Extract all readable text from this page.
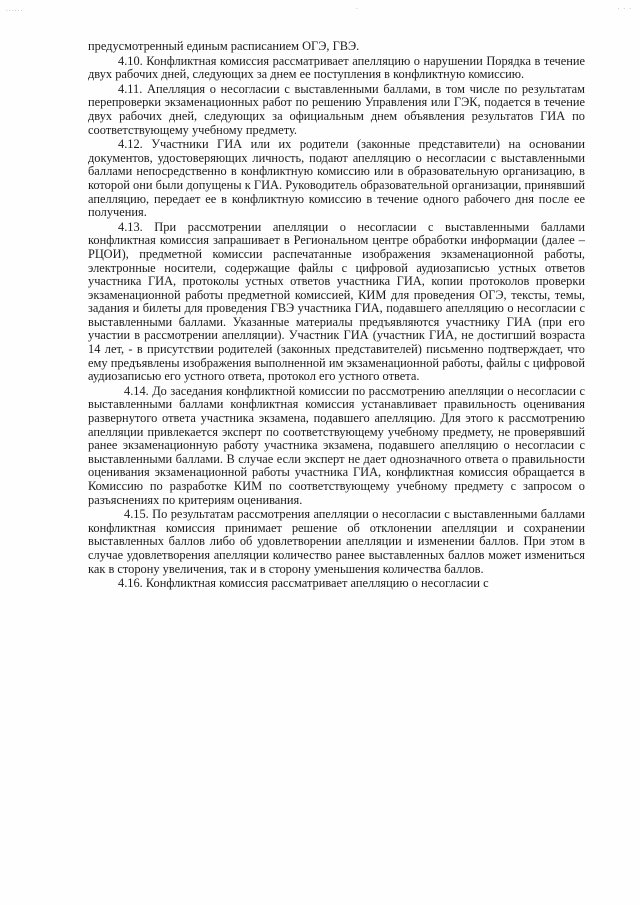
......	· · ·
·

предусмотренный единым расписанием ОГЭ, ГВЭ.

4.10. Конфликтная комиссия рассматривает апелляцию о нарушении Порядка в течение двух рабочих дней, следующих за днем ее поступления в конфликтную комиссию.

4.11. Апелляция о несогласии с выставленными баллами, в том числе по результатам перепроверки экзаменационных работ по решению Управления или ГЭК, подается в течение двух рабочих дней, следующих за официальным днем объявления результатов ГИА по соответствующему учебному предмету.

4.12. Участники ГИА или их родители (законные представители) на основании документов, удостоверяющих личность, подают апелляцию о несогласии с выставленными баллами непосредственно в конфликтную комиссию или в образовательную организацию, в которой они были допущены к ГИА. Руководитель образовательной организации, принявший апелляцию, передает ее в конфликтную комиссию в течение одного рабочего дня после ее получения.

4.13. При рассмотрении апелляции о несогласии с выставленными баллами конфликтная комиссия запрашивает в Региональном центре обработки информации (далее – РЦОИ), предметной комиссии распечатанные изображения экзаменационной работы, электронные носители, содержащие файлы с цифровой аудиозаписью устных ответов участника ГИА, протоколы устных ответов участника ГИА, копии протоколов проверки экзаменационной работы предметной комиссией, КИМ для проведения ОГЭ, тексты, темы, задания и билеты для проведения ГВЭ участника ГИА, подавшего апелляцию о несогласии с выставленными баллами. Указанные материалы предъявляются участнику ГИА (при его участии в рассмотрении апелляции). Участник ГИА (участник ГИА, не достигший возраста 14 лет, - в присутствии родителей (законных представителей) письменно подтверждает, что ему предъявлены изображения выполненной им экзаменационной работы, файлы с цифровой аудиозаписью его устного ответа, протокол его устного ответа.

4.14. До заседания конфликтной комиссии по рассмотрению апелляции о несогласии с выставленными баллами конфликтная комиссия устанавливает правильность оценивания развернутого ответа участника экзамена, подавшего апелляцию. Для этого к рассмотрению апелляции привлекается эксперт по соответствующему учебному предмету, не проверявший ранее экзаменационную работу участника экзамена, подавшего апелляцию о несогласии с выставленными баллами. В случае если эксперт не дает однозначного ответа о правильности оценивания экзаменационной работы участника ГИА, конфликтная комиссия обращается в Комиссию по разработке КИМ по соответствующему учебному предмету с запросом о разъяснениях по критериям оценивания.

4.15. По результатам рассмотрения апелляции о несогласии с выставленными баллами конфликтная комиссия принимает решение об отклонении апелляции и сохранении выставленных баллов либо об удовлетворении апелляции и изменении баллов. При этом в случае удовлетворения апелляции количество ранее выставленных баллов может измениться как в сторону увеличения, так и в сторону уменьшения количества баллов.

4.16. Конфликтная комиссия рассматривает апелляцию о несогласии с
